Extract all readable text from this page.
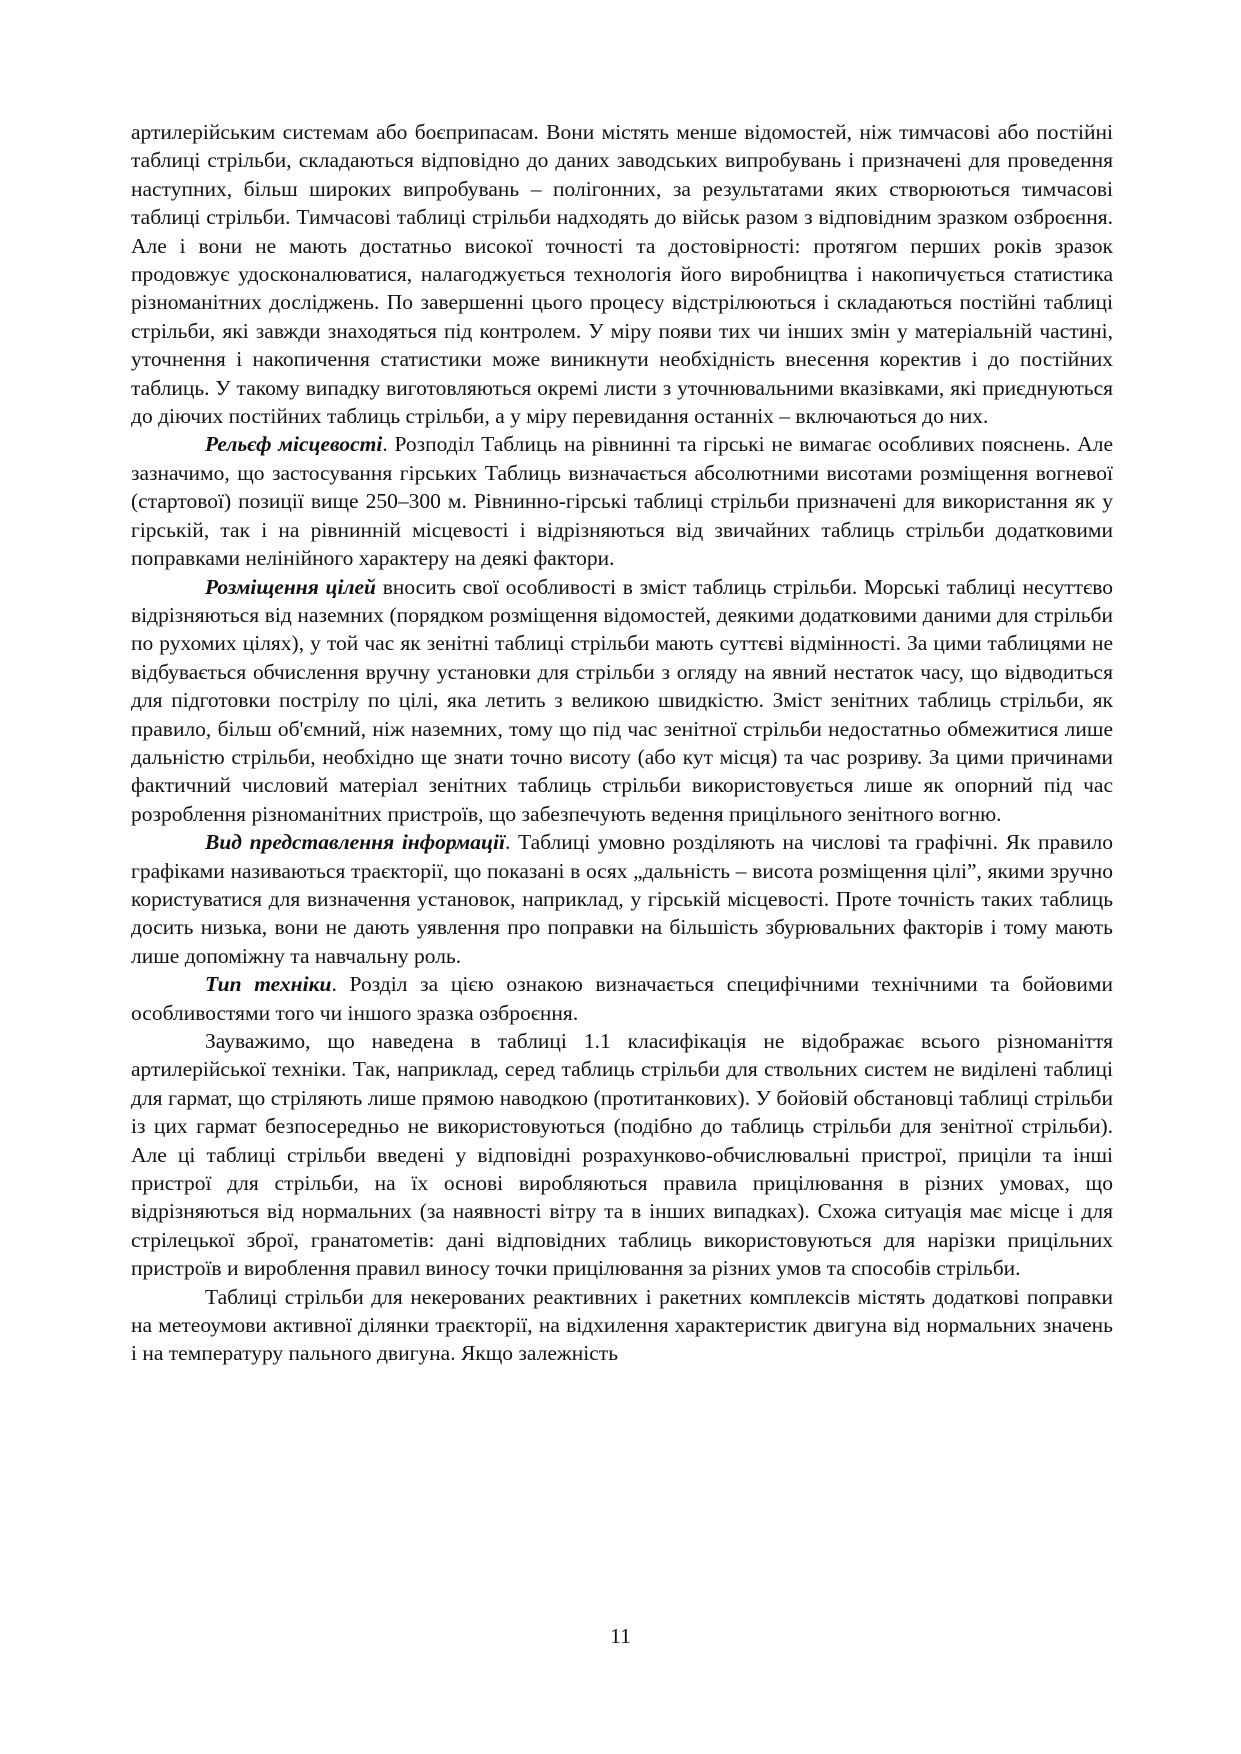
артилерійським системам або боєприпасам. Вони містять менше відомостей, ніж тимчасові або постійні таблиці стрільби, складаються відповідно до даних заводських випробувань і призначені для проведення наступних, більш широких випробувань – полігонних, за результатами яких створюються тимчасові таблиці стрільби. Тимчасові таблиці стрільби надходять до військ разом з відповідним зразком озброєння. Але і вони не мають достатньо високої точності та достовірності: протягом перших років зразок продовжує удосконалюватися, налагоджується технологія його виробництва і накопичується статистика різноманітних досліджень. По завершенні цього процесу відстрілюються і складаються постійні таблиці стрільби, які завжди знаходяться під контролем. У міру появи тих чи інших змін у матеріальній частині, уточнення і накопичення статистики може виникнути необхідність внесення коректив і до постійних таблиць. У такому випадку виготовляються окремі листи з уточнювальними вказівками, які приєднуються до діючих постійних таблиць стрільби, а у міру перевидання останніх – включаються до них.

Рельєф місцевості. Розподіл Таблиць на рівнинні та гірські не вимагає особливих пояснень. Але зазначимо, що застосування гірських Таблиць визначається абсолютними висотами розміщення вогневої (стартової) позиції вище 250–300 м. Рівнинно-гірські таблиці стрільби призначені для використання як у гірській, так і на рівнинній місцевості і відрізняються від звичайних таблиць стрільби додатковими поправками нелінійного характеру на деякі фактори.

Розміщення цілей вносить свої особливості в зміст таблиць стрільби. Морські таблиці несуттєво відрізняються від наземних (порядком розміщення відомостей, деякими додатковими даними для стрільби по рухомих цілях), у той час як зенітні таблиці стрільби мають суттєві відмінності. За цими таблицями не відбувається обчислення вручну установки для стрільби з огляду на явний нестаток часу, що відводиться для підготовки пострілу по цілі, яка летить з великою швидкістю. Зміст зенітних таблиць стрільби, як правило, більш об'ємний, ніж наземних, тому що під час зенітної стрільби недостатньо обмежитися лише дальністю стрільби, необхідно ще знати точно висоту (або кут місця) та час розриву. За цими причинами фактичний числовий матеріал зенітних таблиць стрільби використовується лише як опорний під час розроблення різноманітних пристроїв, що забезпечують ведення прицільного зенітного вогню.

Вид представлення інформації. Таблиці умовно розділяють на числові та графічні. Як правило графіками називаються траєкторії, що показані в осях „дальність – висота розміщення цілі”, якими зручно користуватися для визначення установок, наприклад, у гірській місцевості. Проте точність таких таблиць досить низька, вони не дають уявлення про поправки на більшість збурювальних факторів і тому мають лише допоміжну та навчальну роль.

Тип техніки. Розділ за цією ознакою визначається специфічними технічними та бойовими особливостями того чи іншого зразка озброєння.

Зауважимо, що наведена в таблиці 1.1 класифікація не відображає всього різноманіття артилерійської техніки. Так, наприклад, серед таблиць стрільби для ствольних систем не виділені таблиці для гармат, що стріляють лише прямою наводкою (протитанкових). У бойовій обстановці таблиці стрільби із цих гармат безпосередньо не використовуються (подібно до таблиць стрільби для зенітної стрільби). Але ці таблиці стрільби введені у відповідні розрахунково-обчислювальні пристрої, приціли та інші пристрої для стрільби, на їх основі виробляються правила прицілювання в різних умовах, що відрізняються від нормальних (за наявності вітру та в інших випадках). Схожа ситуація має місце і для стрілецької зброї, гранатометів: дані відповідних таблиць використовуються для нарізки прицільних пристроїв и вироблення правил виносу точки прицілювання за різних умов та способів стрільби.

Таблиці стрільби для некерованих реактивних і ракетних комплексів містять додаткові поправки на метеоумови активної ділянки траєкторії, на відхилення характеристик двигуна від нормальних значень і на температуру пального двигуна. Якщо залежність

11
